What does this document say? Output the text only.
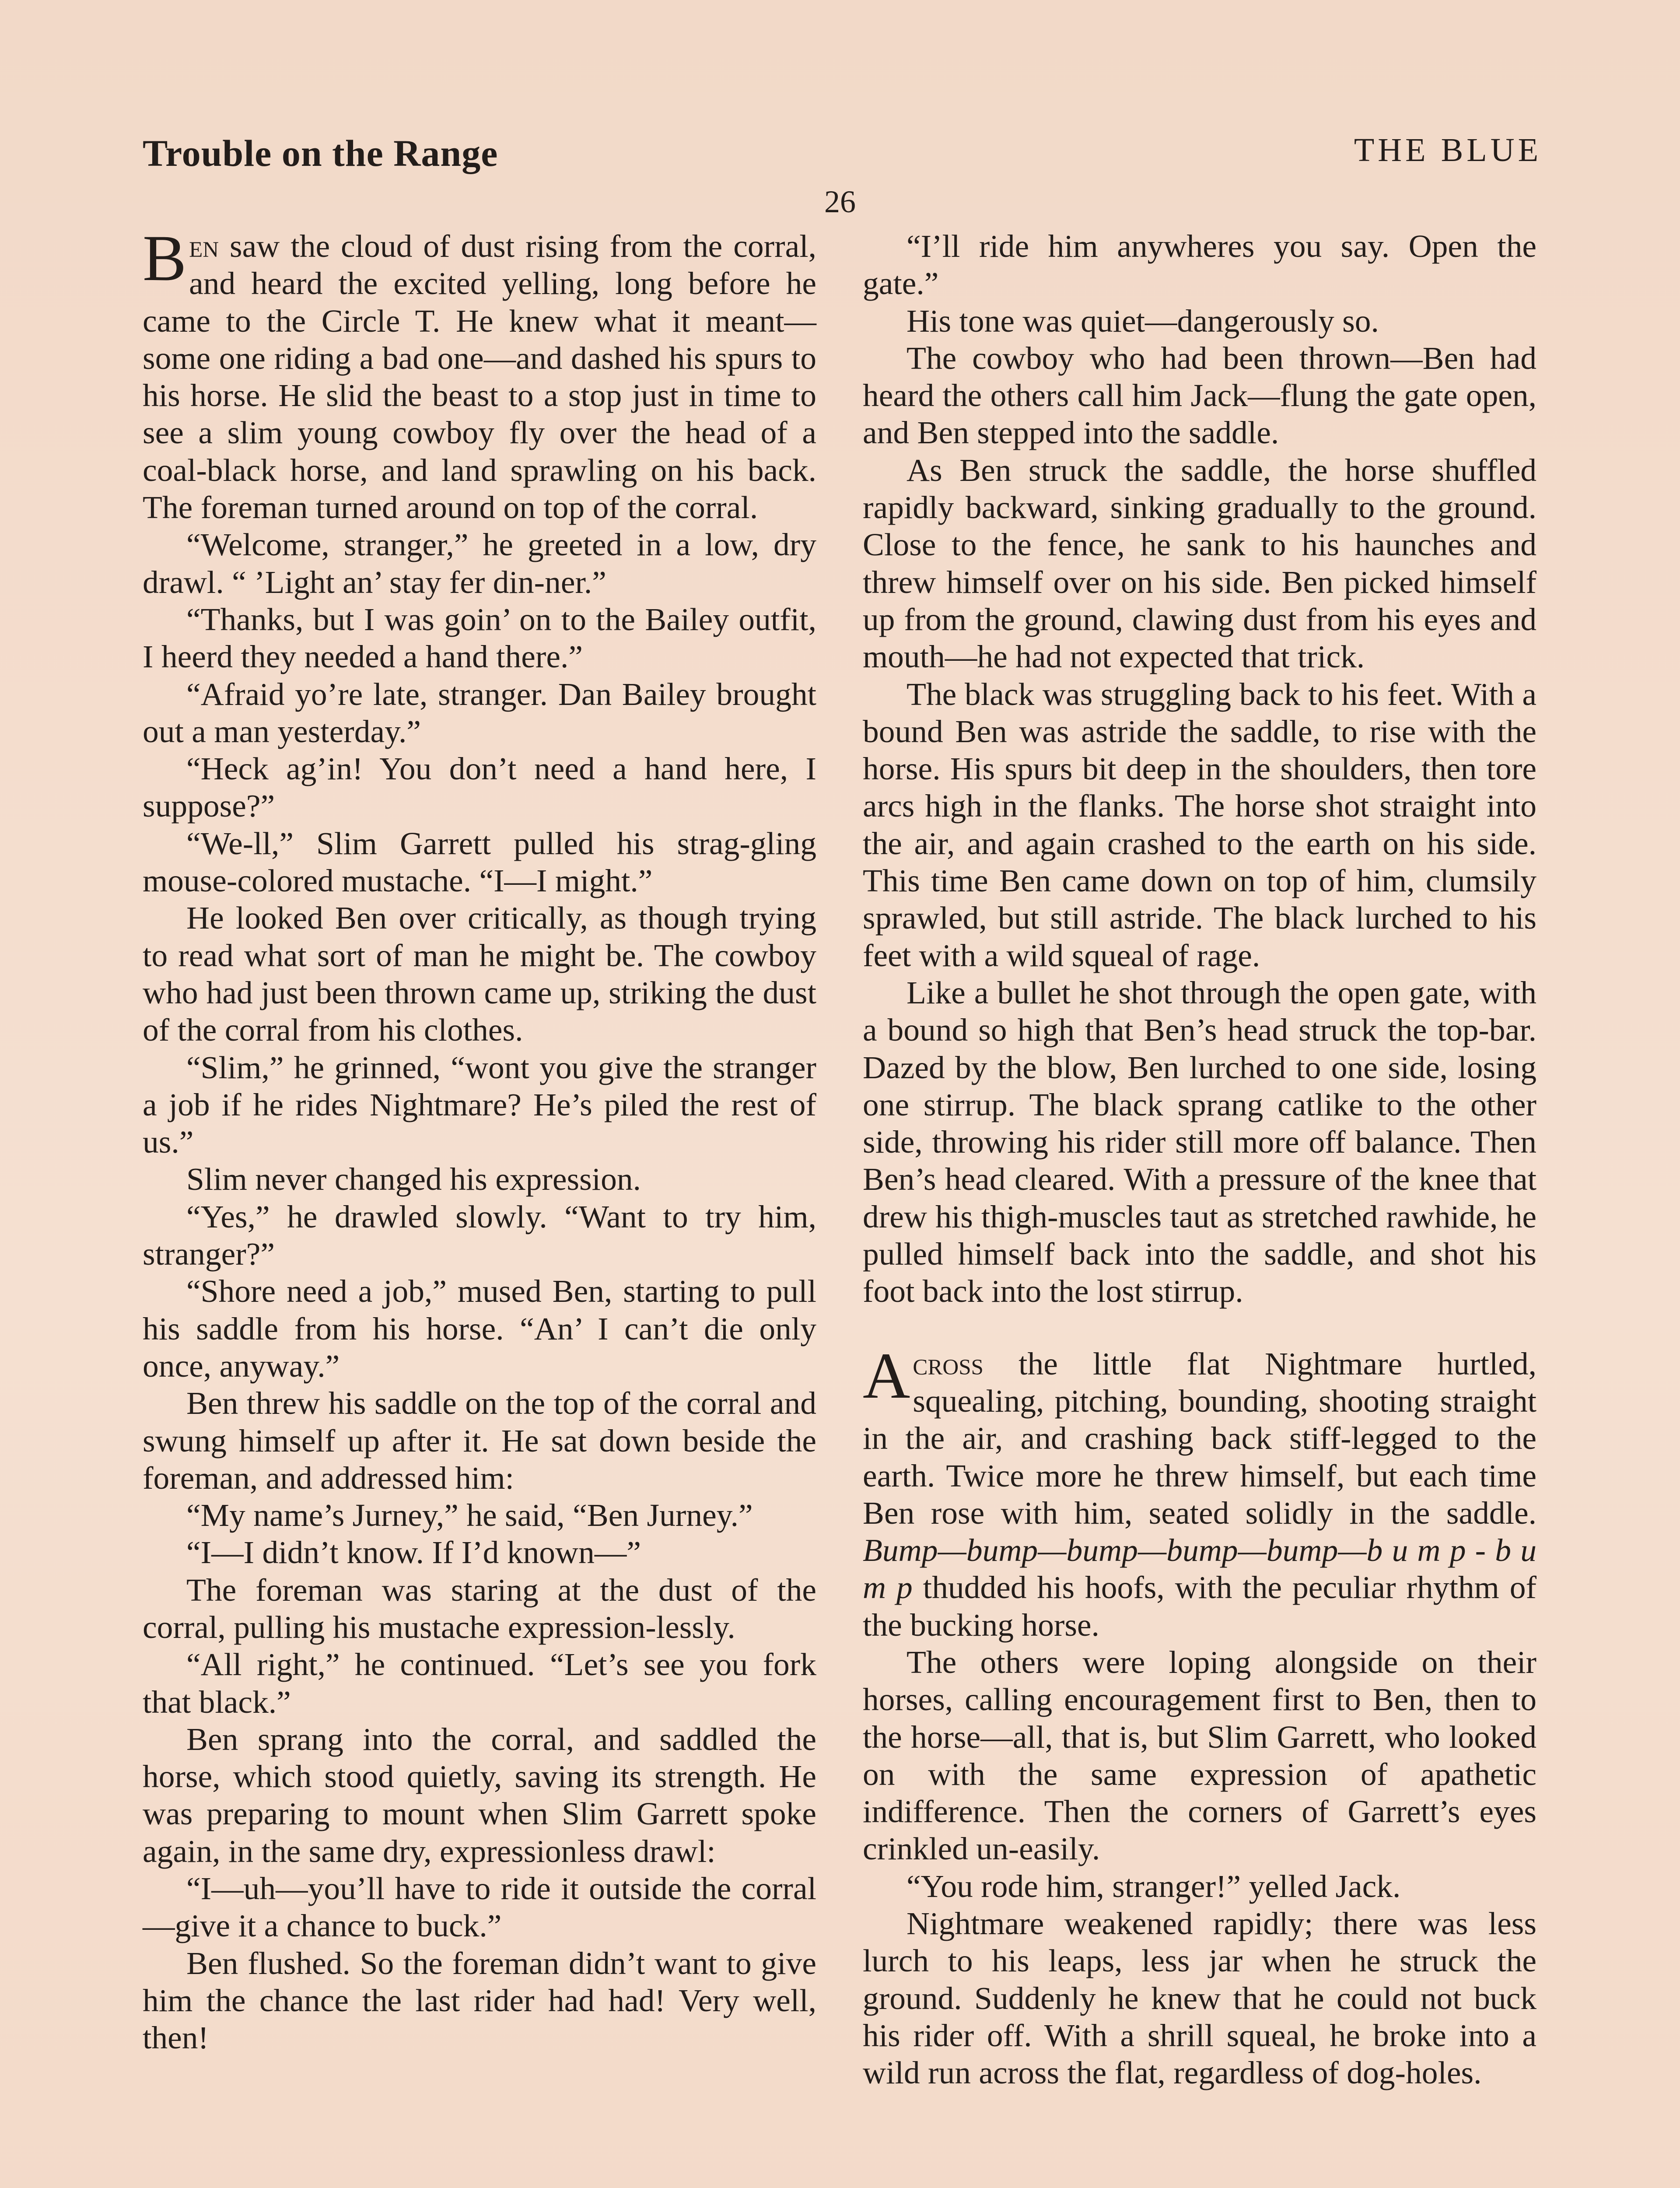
Trouble on the Range	THE BLUE
26

Ben saw the cloud of dust rising from the corral, and heard the excited yelling, long before he came to the Circle T. He knew what it meant—some one riding a bad one—and dashed his spurs to his horse. He slid the beast to a stop just in time to see a slim young cowboy fly over the head of a coal-black horse, and land sprawling on his back. The foreman turned around on top of the corral.

“Welcome, stranger,” he greeted in a low, dry drawl. “ ’Light an’ stay fer din-ner.”

“Thanks, but I was goin’ on to the Bailey outfit, I heerd they needed a hand there.”

“Afraid yo’re late, stranger. Dan Bailey brought out a man yesterday.”

“Heck ag’in! You don’t need a hand here, I suppose?”

“We-ll,” Slim Garrett pulled his strag-gling mouse-colored mustache. “I—I might.”

He looked Ben over critically, as though trying to read what sort of man he might be. The cowboy who had just been thrown came up, striking the dust of the corral from his clothes.

“Slim,” he grinned, “wont you give the stranger a job if he rides Nightmare? He’s piled the rest of us.”

Slim never changed his expression.

“Yes,” he drawled slowly. “Want to try him, stranger?”

“Shore need a job,” mused Ben, starting to pull his saddle from his horse. “An’ I can’t die only once, anyway.”

Ben threw his saddle on the top of the corral and swung himself up after it. He sat down beside the foreman, and addressed him:

“My name’s Jurney,” he said, “Ben Jurney.”

“I—I didn’t know. If I’d known—”

The foreman was staring at the dust of the corral, pulling his mustache expression-lessly.

“All right,” he continued. “Let’s see you fork that black.”

Ben sprang into the corral, and saddled the horse, which stood quietly, saving its strength. He was preparing to mount when Slim Garrett spoke again, in the same dry, expressionless drawl:

“I—uh—you’ll have to ride it outside the corral—give it a chance to buck.”

Ben flushed. So the foreman didn’t want to give him the chance the last rider had had! Very well, then!

“I’ll ride him anywheres you say. Open the gate.”

His tone was quiet—dangerously so.

The cowboy who had been thrown—Ben had heard the others call him Jack—flung the gate open, and Ben stepped into the saddle.

As Ben struck the saddle, the horse shuffled rapidly backward, sinking gradually to the ground. Close to the fence, he sank to his haunches and threw himself over on his side. Ben picked himself up from the ground, clawing dust from his eyes and mouth—he had not expected that trick.

The black was struggling back to his feet. With a bound Ben was astride the saddle, to rise with the horse. His spurs bit deep in the shoulders, then tore arcs high in the flanks. The horse shot straight into the air, and again crashed to the earth on his side. This time Ben came down on top of him, clumsily sprawled, but still astride. The black lurched to his feet with a wild squeal of rage.

Like a bullet he shot through the open gate, with a bound so high that Ben’s head struck the top-bar. Dazed by the blow, Ben lurched to one side, losing one stirrup. The black sprang catlike to the other side, throwing his rider still more off balance. Then Ben’s head cleared. With a pressure of the knee that drew his thigh-muscles taut as stretched rawhide, he pulled himself back into the saddle, and shot his foot back into the lost stirrup.

Across the little flat Nightmare hurtled, squealing, pitching, bounding, shooting straight in the air, and crashing back stiff-legged to the earth. Twice more he threw himself, but each time Ben rose with him, seated solidly in the saddle. Bump—bump—bump—bump—bump—b u m p - b u m p thudded his hoofs, with the peculiar rhythm of the bucking horse.

The others were loping alongside on their horses, calling encouragement first to Ben, then to the horse—all, that is, but Slim Garrett, who looked on with the same expression of apathetic indifference. Then the corners of Garrett’s eyes crinkled un-easily.

“You rode him, stranger!” yelled Jack.

Nightmare weakened rapidly; there was less lurch to his leaps, less jar when he struck the ground. Suddenly he knew that he could not buck his rider off. With a shrill squeal, he broke into a wild run across the flat, regardless of dog-holes.
